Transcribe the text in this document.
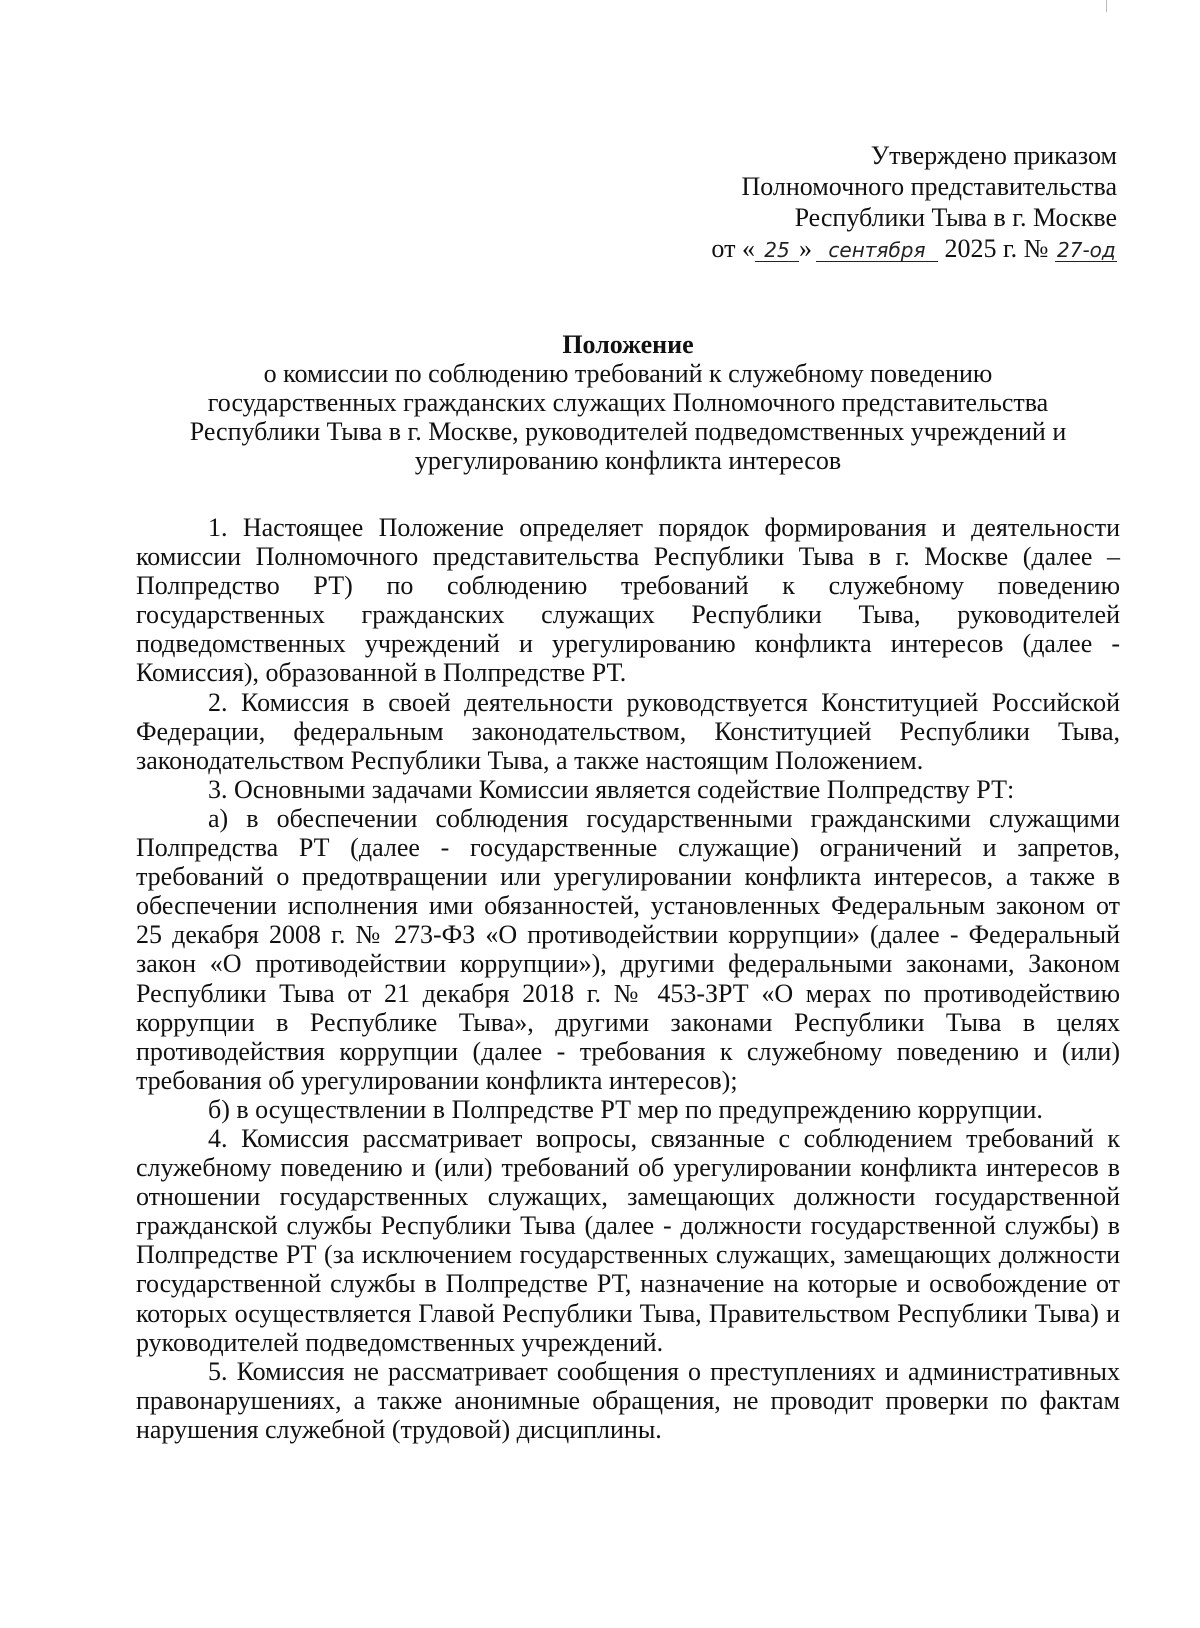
Утверждено приказом
Полномочного представительства
Республики Тыва в г. Москве
от « 25 » сентября 2025 г. № 27-од
Положение
о комиссии по соблюдению требований к служебному поведению
государственных гражданских служащих Полномочного представительства
Республики Тыва в г. Москве, руководителей подведомственных учреждений и
урегулированию конфликта интересов

1. Настоящее Положение определяет порядок формирования и деятельности комиссии Полномочного представительства Республики Тыва в г. Москве (далее – Полпредство РТ) по соблюдению требований к служебному поведению государственных гражданских служащих Республики Тыва, руководителей подведомственных учреждений и урегулированию конфликта интересов (далее - Комиссия), образованной в Полпредстве РТ.

2. Комиссия в своей деятельности руководствуется Конституцией Российской Федерации, федеральным законодательством, Конституцией Республики Тыва, законодательством Республики Тыва, а также настоящим Положением.

3. Основными задачами Комиссии является содействие Полпредству РТ:

а) в обеспечении соблюдения государственными гражданскими служащими Полпредства РТ (далее - государственные служащие) ограничений и запретов, требований о предотвращении или урегулировании конфликта интересов, а также в обеспечении исполнения ими обязанностей, установленных Федеральным законом от 25 декабря 2008 г. № 273-ФЗ «О противодействии коррупции» (далее - Федеральный закон «О противодействии коррупции»), другими федеральными законами, Законом Республики Тыва от 21 декабря 2018 г. № 453-ЗРТ «О мерах по противодействию коррупции в Республике Тыва», другими законами Республики Тыва в целях противодействия коррупции (далее - требования к служебному поведению и (или) требования об урегулировании конфликта интересов);

б) в осуществлении в Полпредстве РТ мер по предупреждению коррупции.

4. Комиссия рассматривает вопросы, связанные с соблюдением требований к служебному поведению и (или) требований об урегулировании конфликта интересов в отношении государственных служащих, замещающих должности государственной гражданской службы Республики Тыва (далее - должности государственной службы) в Полпредстве РТ (за исключением государственных служащих, замещающих должности государственной службы в Полпредстве РТ, назначение на которые и освобождение от которых осуществляется Главой Республики Тыва, Правительством Республики Тыва) и руководителей подведомственных учреждений.

5. Комиссия не рассматривает сообщения о преступлениях и административных правонарушениях, а также анонимные обращения, не проводит проверки по фактам нарушения служебной (трудовой) дисциплины.
